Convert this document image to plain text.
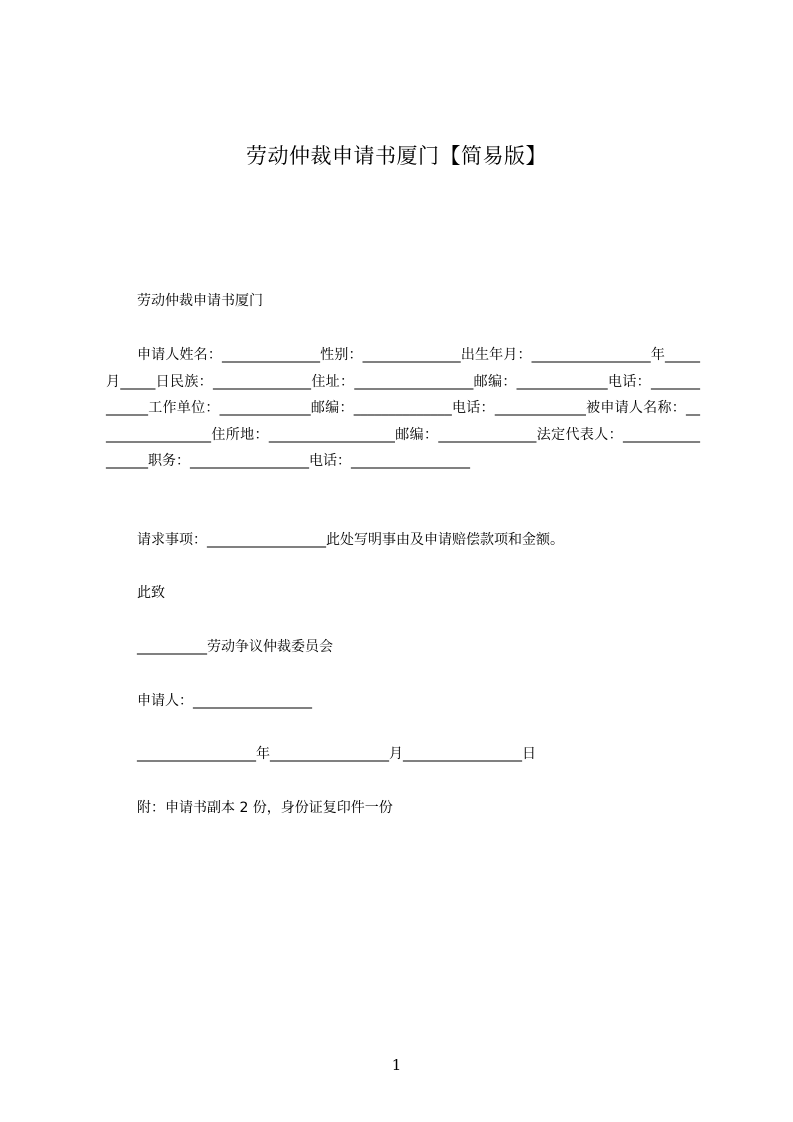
劳动仲裁申请书厦门【简易版】
劳动仲裁申请书厦门
申请人姓名：______________性别：______________出生年月：_________________年_____月_____日民族：______________住址：_________________邮编：_____________电话：_____________工作单位：_____________邮编：______________电话：_____________被申请人名称：_________________住所地：__________________邮编：______________法定代表人：_________________职务：_________________电话：_________________
请求事项：_________________此处写明事由及申请赔偿款项和金额。
此致
__________劳动争议仲裁委员会
申请人：_________________
_________________年_________________月_________________日
附：申请书副本 2 份，身份证复印件一份
1
